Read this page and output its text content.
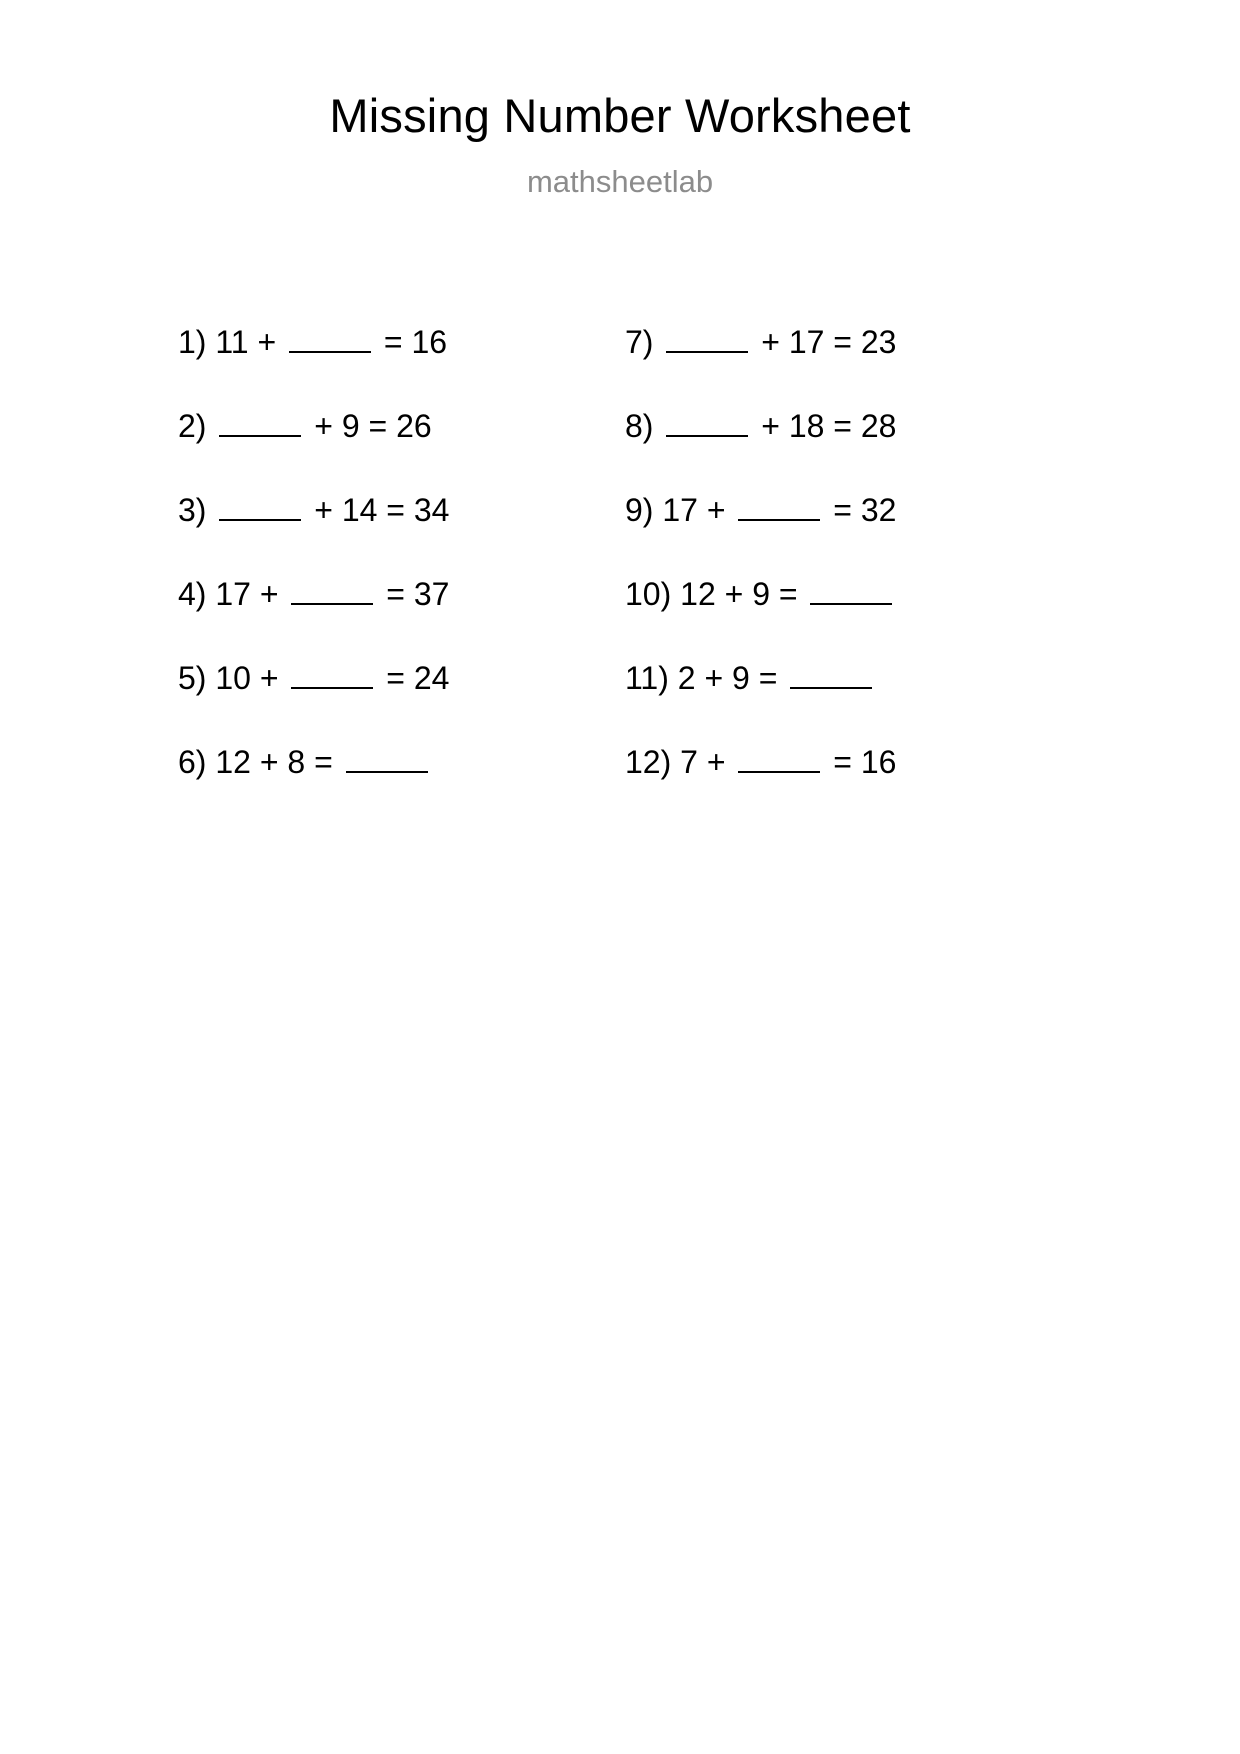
Missing Number Worksheet
mathsheetlab
1) 11 +	= 16
2)	+ 9 = 26
3)	+ 14 = 34
4) 17 +	= 37
5) 10 +	= 24
6) 12 + 8 =
7)	+ 17 = 23
8)	+ 18 = 28
9) 17 +	= 32
10) 12 + 9 =
11) 2 + 9 =
12) 7 +	= 16
